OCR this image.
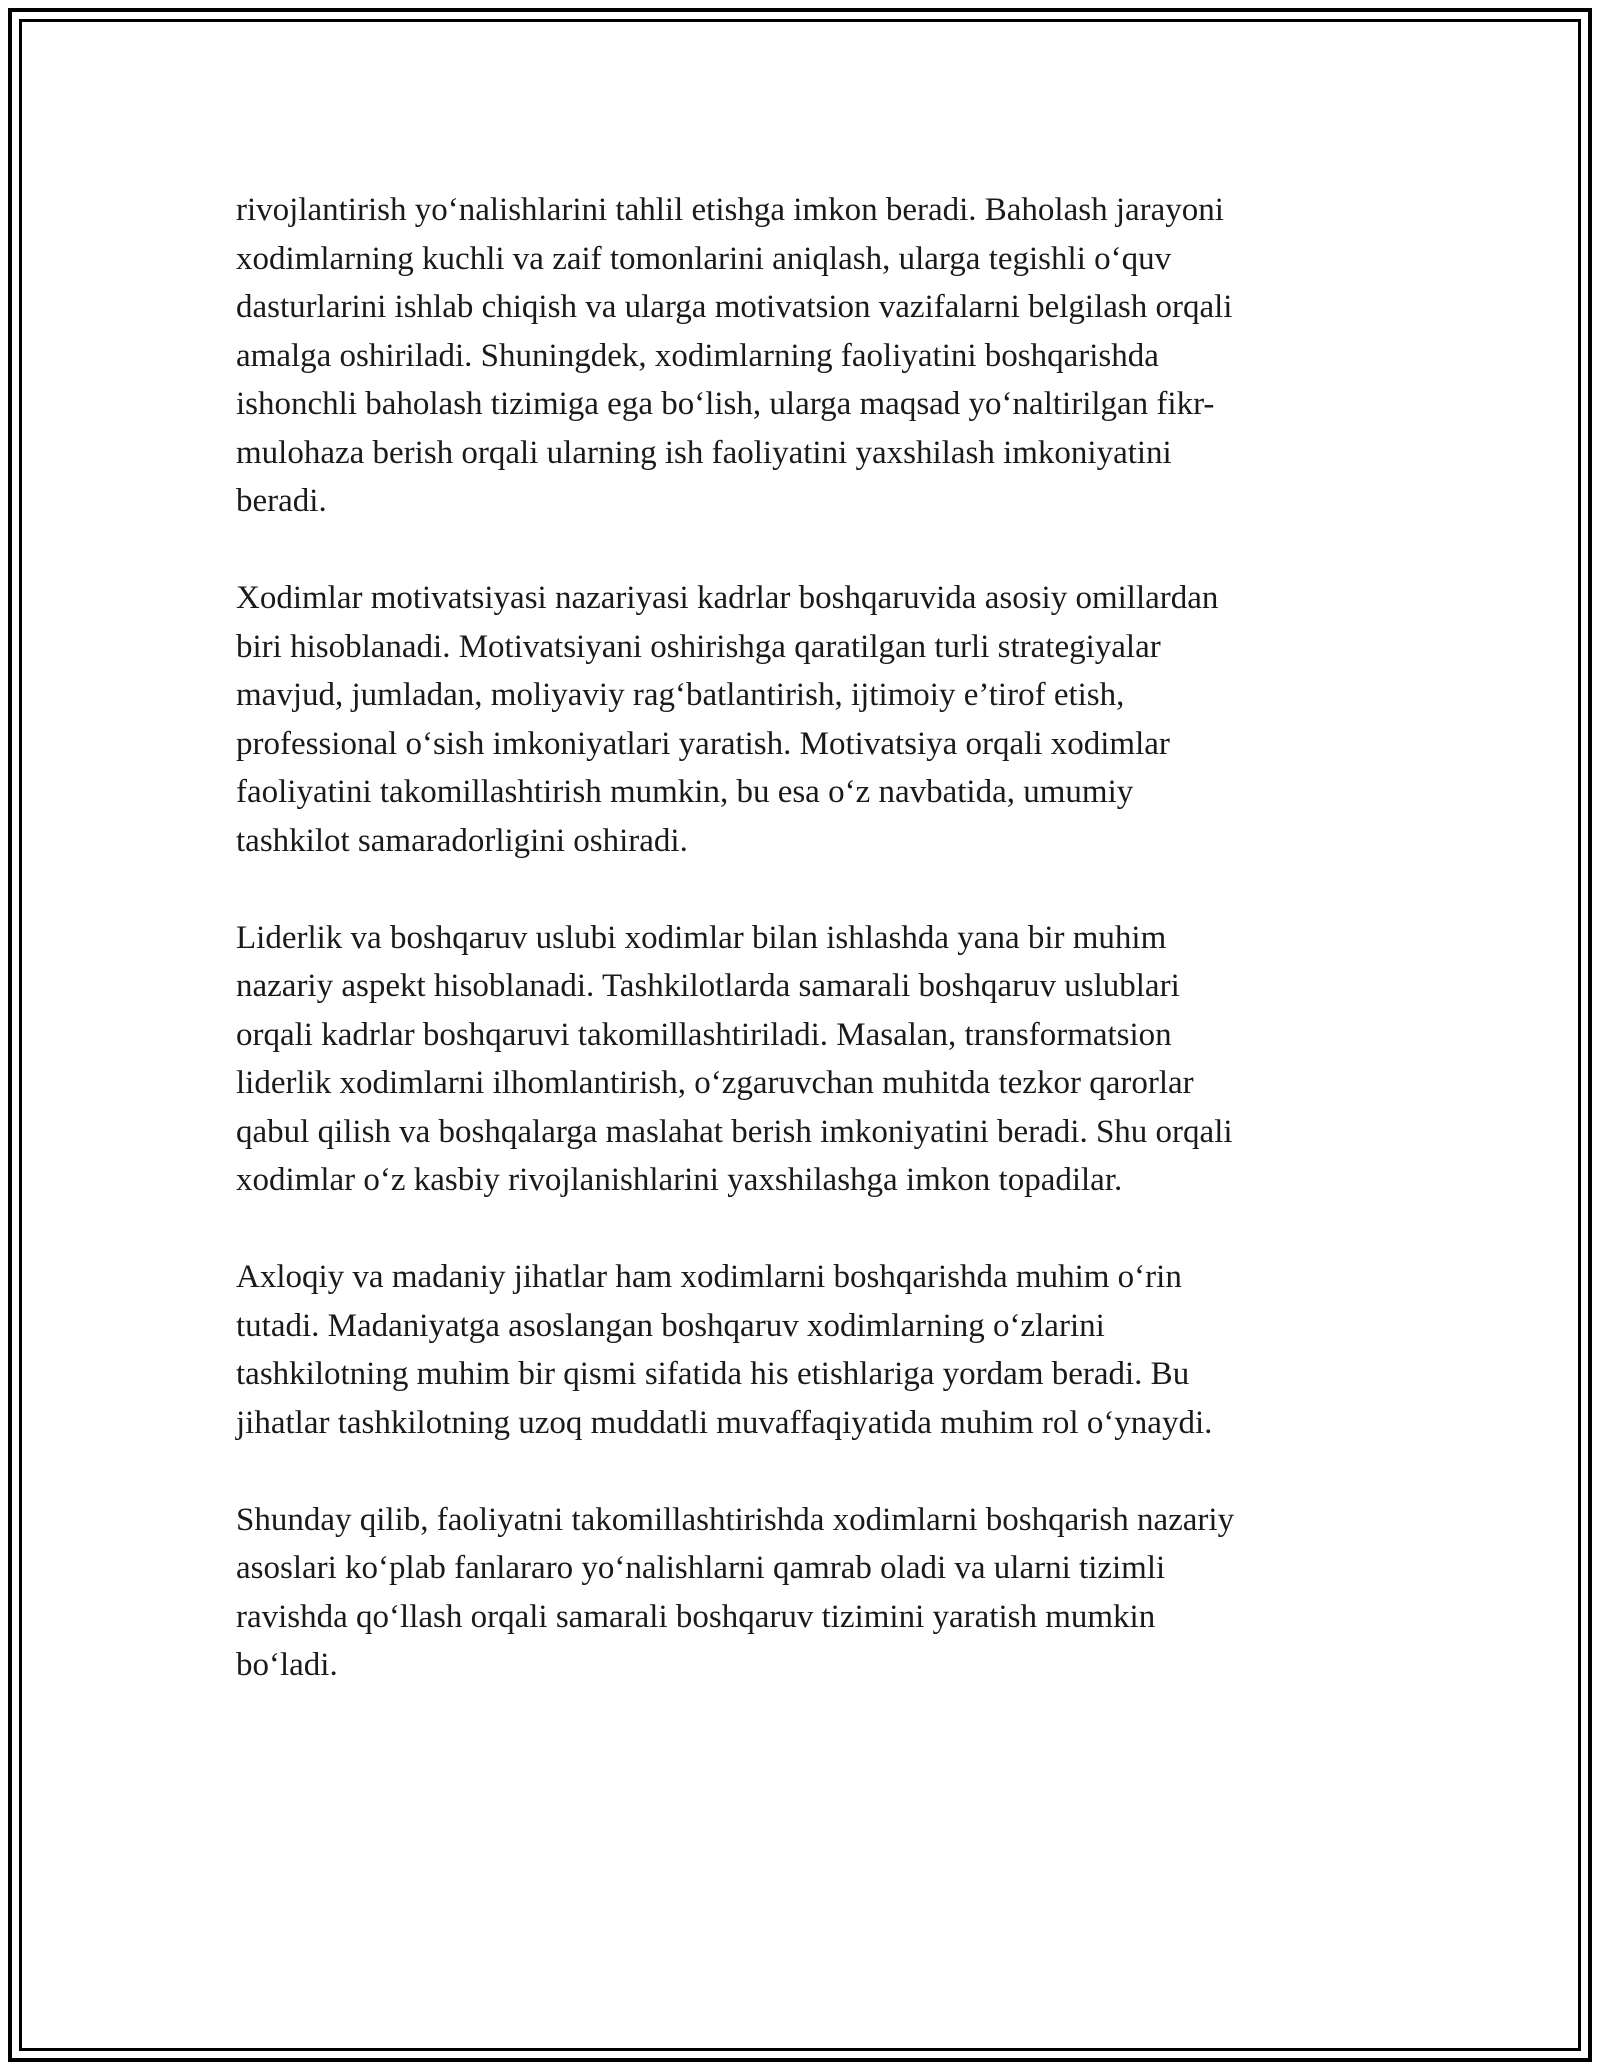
rivojlantirish yo‘nalishlarini tahlil etishga imkon beradi. Baholash jarayoni
xodimlarning kuchli va zaif tomonlarini aniqlash, ularga tegishli o‘quv
dasturlarini ishlab chiqish va ularga motivatsion vazifalarni belgilash orqali
amalga oshiriladi. Shuningdek, xodimlarning faoliyatini boshqarishda
ishonchli baholash tizimiga ega bo‘lish, ularga maqsad yo‘naltirilgan fikr-
mulohaza berish orqali ularning ish faoliyatini yaxshilash imkoniyatini
beradi.

Xodimlar motivatsiyasi nazariyasi kadrlar boshqaruvida asosiy omillardan
biri hisoblanadi. Motivatsiyani oshirishga qaratilgan turli strategiyalar
mavjud, jumladan, moliyaviy rag‘batlantirish, ijtimoiy e’tirof etish,
professional o‘sish imkoniyatlari yaratish. Motivatsiya orqali xodimlar
faoliyatini takomillashtirish mumkin, bu esa o‘z navbatida, umumiy
tashkilot samaradorligini oshiradi.

Liderlik va boshqaruv uslubi xodimlar bilan ishlashda yana bir muhim
nazariy aspekt hisoblanadi. Tashkilotlarda samarali boshqaruv uslublari
orqali kadrlar boshqaruvi takomillashtiriladi. Masalan, transformatsion
liderlik xodimlarni ilhomlantirish, o‘zgaruvchan muhitda tezkor qarorlar
qabul qilish va boshqalarga maslahat berish imkoniyatini beradi. Shu orqali
xodimlar o‘z kasbiy rivojlanishlarini yaxshilashga imkon topadilar.

Axloqiy va madaniy jihatlar ham xodimlarni boshqarishda muhim o‘rin
tutadi. Madaniyatga asoslangan boshqaruv xodimlarning o‘zlarini
tashkilotning muhim bir qismi sifatida his etishlariga yordam beradi. Bu
jihatlar tashkilotning uzoq muddatli muvaffaqiyatida muhim rol o‘ynaydi.

Shunday qilib, faoliyatni takomillashtirishda xodimlarni boshqarish nazariy
asoslari ko‘plab fanlararo yo‘nalishlarni qamrab oladi va ularni tizimli
ravishda qo‘llash orqali samarali boshqaruv tizimini yaratish mumkin
bo‘ladi.
